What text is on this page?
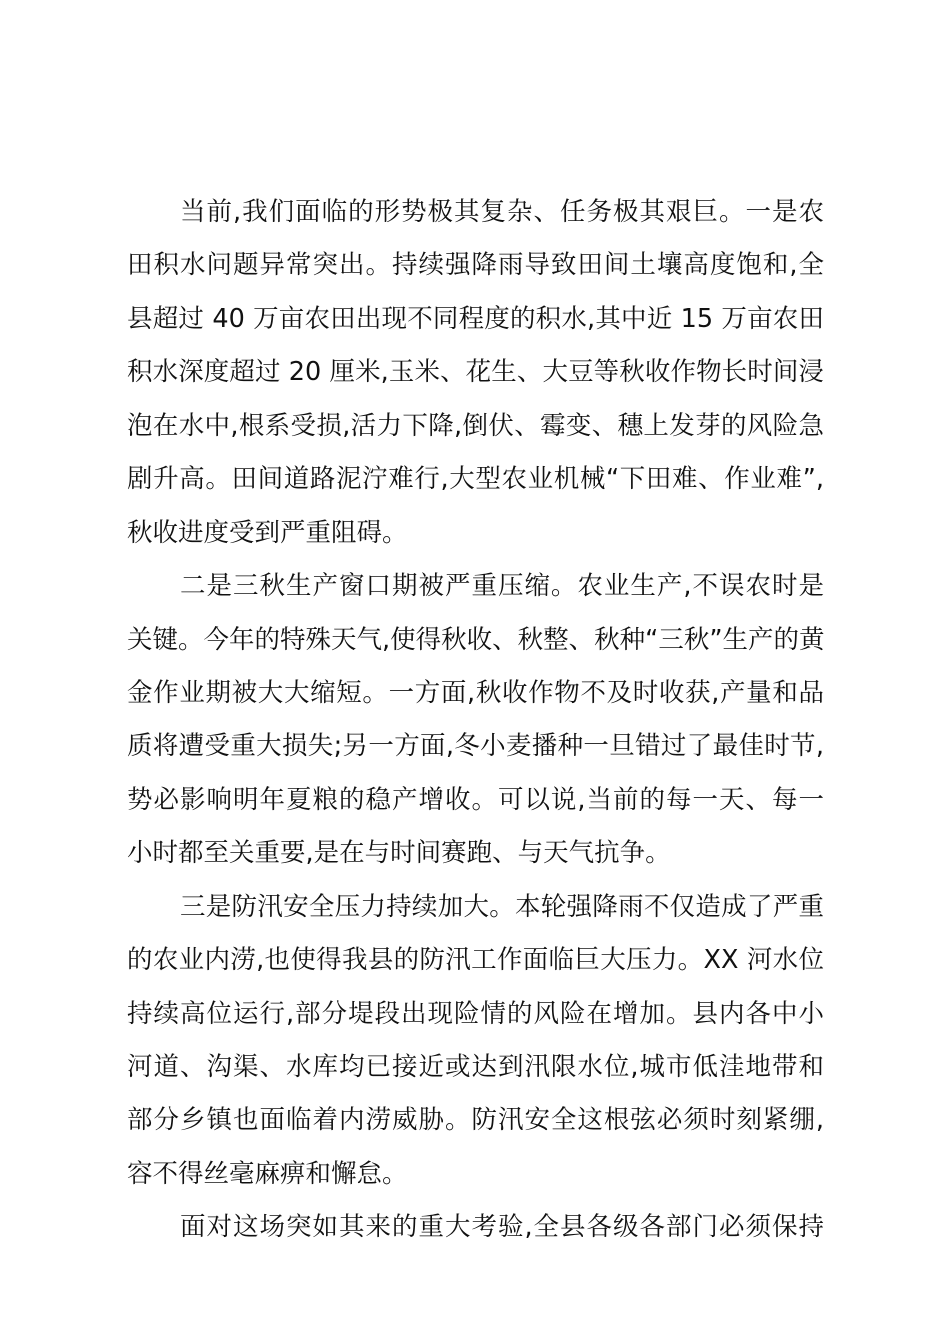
当前,我们面临的形势极其复杂、任务极其艰巨。一是农
田积水问题异常突出。持续强降雨导致田间土壤高度饱和,全
县超过 40 万亩农田出现不同程度的积水,其中近 15 万亩农田
积水深度超过 20 厘米,玉米、花生、大豆等秋收作物长时间浸
泡在水中,根系受损,活力下降,倒伏、霉变、穗上发芽的风险急
剧升高。田间道路泥泞难行,大型农业机械“下田难、作业难”,
秋收进度受到严重阻碍。
二是三秋生产窗口期被严重压缩。农业生产,不误农时是
关键。今年的特殊天气,使得秋收、秋整、秋种“三秋”生产的黄
金作业期被大大缩短。一方面,秋收作物不及时收获,产量和品
质将遭受重大损失;另一方面,冬小麦播种一旦错过了最佳时节,
势必影响明年夏粮的稳产增收。可以说,当前的每一天、每一
小时都至关重要,是在与时间赛跑、与天气抗争。
三是防汛安全压力持续加大。本轮强降雨不仅造成了严重
的农业内涝,也使得我县的防汛工作面临巨大压力。XX 河水位
持续高位运行,部分堤段出现险情的风险在增加。县内各中小
河道、沟渠、水库均已接近或达到汛限水位,城市低洼地带和
部分乡镇也面临着内涝威胁。防汛安全这根弦必须时刻紧绷,
容不得丝毫麻痹和懈怠。
面对这场突如其来的重大考验,全县各级各部门必须保持
